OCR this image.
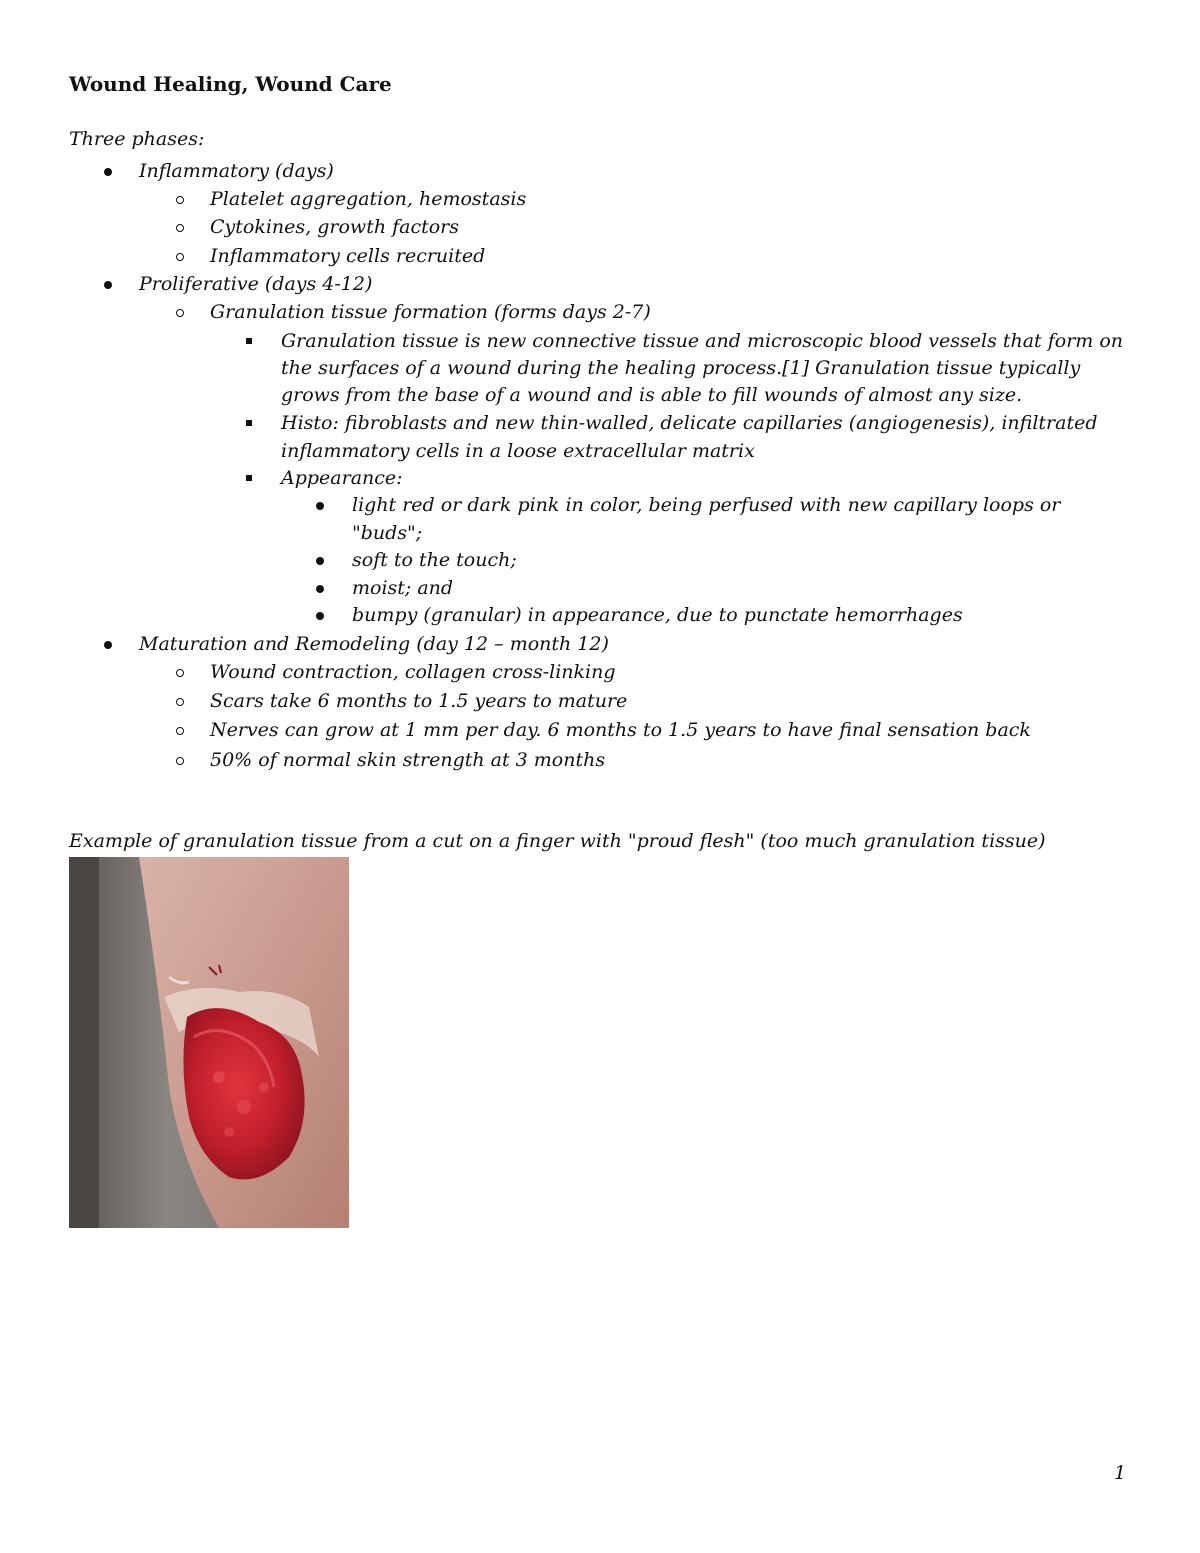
Wound Healing, Wound Care

Three phases:

Inflammatory (days)
Platelet aggregation, hemostasis
Cytokines, growth factors
Inflammatory cells recruited
Proliferative (days 4-12)
Granulation tissue formation (forms days 2-7)
Granulation tissue is new connective tissue and microscopic blood vessels that form on
the surfaces of a wound during the healing process.[1] Granulation tissue typically
grows from the base of a wound and is able to fill wounds of almost any size.
Histo: fibroblasts and new thin-walled, delicate capillaries (angiogenesis), infiltrated
inflammatory cells in a loose extracellular matrix
Appearance:
light red or dark pink in color, being perfused with new capillary loops or
"buds";
soft to the touch;
moist; and
bumpy (granular) in appearance, due to punctate hemorrhages
Maturation and Remodeling (day 12 – month 12)
Wound contraction, collagen cross-linking
Scars take 6 months to 1.5 years to mature
Nerves can grow at 1 mm per day. 6 months to 1.5 years to have final sensation back
50% of normal skin strength at 3 months

Example of granulation tissue from a cut on a finger with "proud flesh" (too much granulation tissue)

1
